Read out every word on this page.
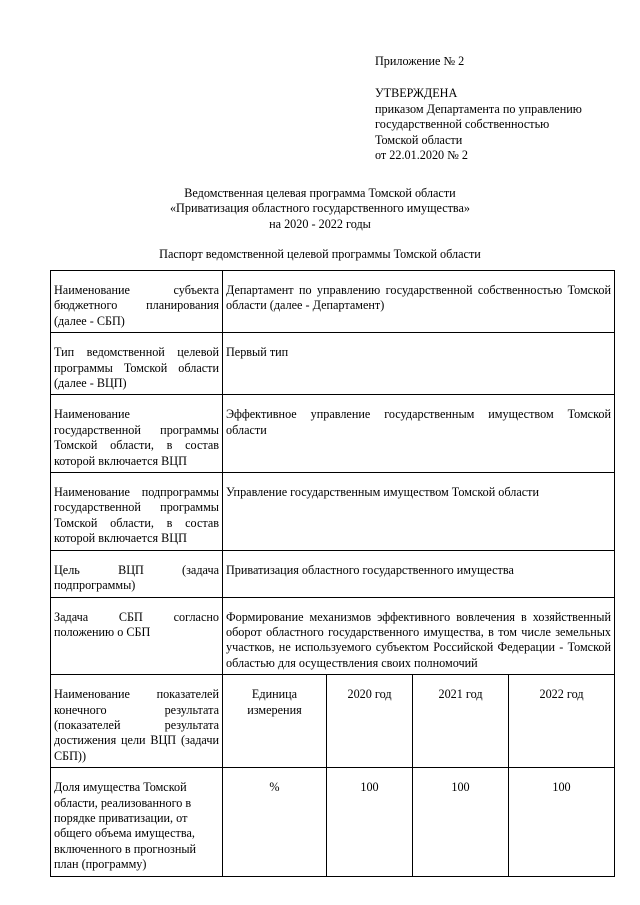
Приложение № 2
УТВЕРЖДЕНА
приказом Департамента по управлению
государственной собственностью
Томской области
от 22.01.2020 № 2
Ведомственная целевая программа Томской области
«Приватизация областного государственного имущества»
на 2020 - 2022 годы
Паспорт ведомственной целевой программы Томской области
Наименование субъекта бюджетного планирования (далее - СБП)	Департамент по управлению государственной собственностью Томской области (далее - Департамент)			
Тип ведомственной целевой программы Томской области (далее - ВЦП)	Первый тип			
Наименование государственной программы Томской области, в состав которой включается ВЦП	Эффективное управление государственным имуществом Томской области			
Наименование подпрограммы государственной программы Томской области, в состав которой включается ВЦП	Управление государственным имуществом Томской области			
Цель ВЦП (задача подпрограммы)	Приватизация областного государственного имущества			
Задача СБП согласно положению о СБП	Формирование механизмов эффективного вовлечения в хозяйственный оборот областного государственного имущества, в том числе земельных участков, не используемого субъектом Российской Федерации - Томской областью для осуществления своих полномочий			
Наименование показателей конечного результата (показателей результата достижения цели ВЦП (задачи СБП))	Единица измерения	2020 год	2021 год	2022 год
Доля имущества Томской области, реализованного в порядке приватизации, от общего объема имущества, включенного в прогнозный план (программу)	%	100	100	100
